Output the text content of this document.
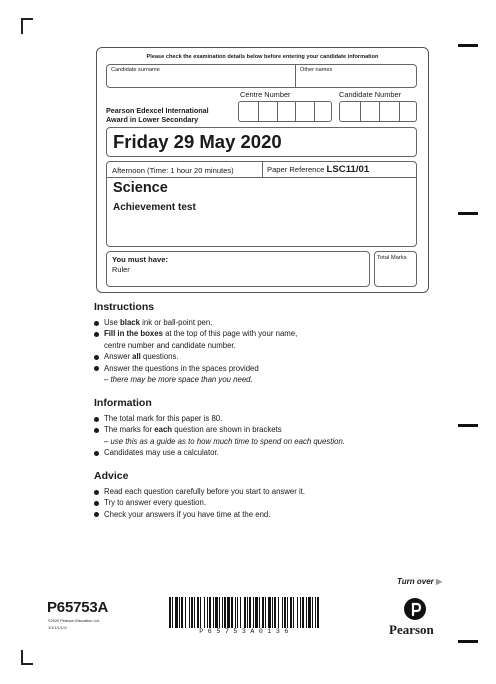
Please check the examination details below before entering your candidate information
Candidate surname	Other names
Centre Number	Candidate Number
Pearson Edexcel International
Award in Lower Secondary
Friday 29 May 2020
Afternoon (Time: 1 hour 20 minutes)	Paper Reference LSC11/01
Science
Achievement test
You must have:
Ruler
Total Marks
Instructions
Use black ink or ball-point pen.
Fill in the boxes at the top of this page with your name,
centre number and candidate number.
Answer all questions.
Answer the questions in the spaces provided
– there may be more space than you need.
Information
The total mark for this paper is 80.
The marks for each question are shown in brackets
– use this as a guide as to how much time to spend on each question.
Candidates may use a calculator.
Advice
Read each question carefully before you start to answer it.
Try to answer every question.
Check your answers if you have time at the end.
Turn over ▶
P65753A
©2020 Pearson Education Ltd.
1/1/1/1/1/1/	P 6 5 7 5 3 A 0 1 3 6	Pearson
